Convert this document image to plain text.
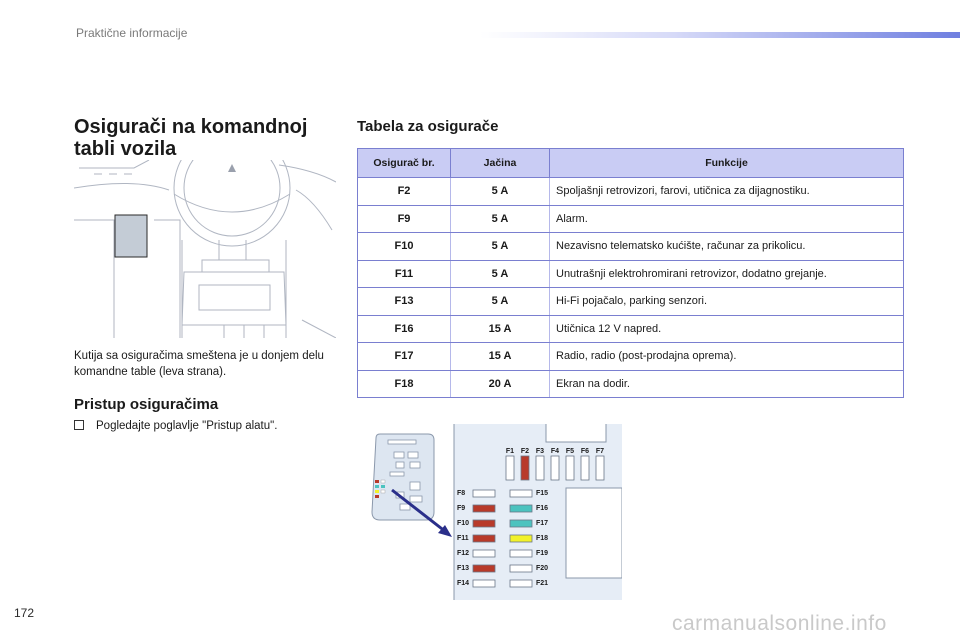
Praktične informacije
Osigurači na komandnoj
tabli vozila
Kutija sa osiguračima smeštena je u donjem delu komandne table (leva strana).
Pristup osiguračima
Pogledajte poglavlje "Pristup alatu".
Tabela za osigurače
Osigurač br.	Jačina	Funkcije
F2	5 A	Spoljašnji retrovizori, farovi, utičnica za dijagnostiku.
F9	5 A	Alarm.
F10	5 A	Nezavisno telematsko kućište, računar za prikolicu.
F11	5 A	Unutrašnji elektrohromirani retrovizor, dodatno grejanje.
F13	5 A	Hi-Fi pojačalo, parking senzori.
F16	15 A	Utičnica 12 V napred.
F17	15 A	Radio, radio (post-prodajna oprema).
F18	20 A	Ekran na dodir.
F1 F2 F3 F4 F5 F6 F7
F8
F9
F10
F11
F12
F13
F14
F15
F16
F17
F18
F19
F20
F21
172	carmanualsonline.info
